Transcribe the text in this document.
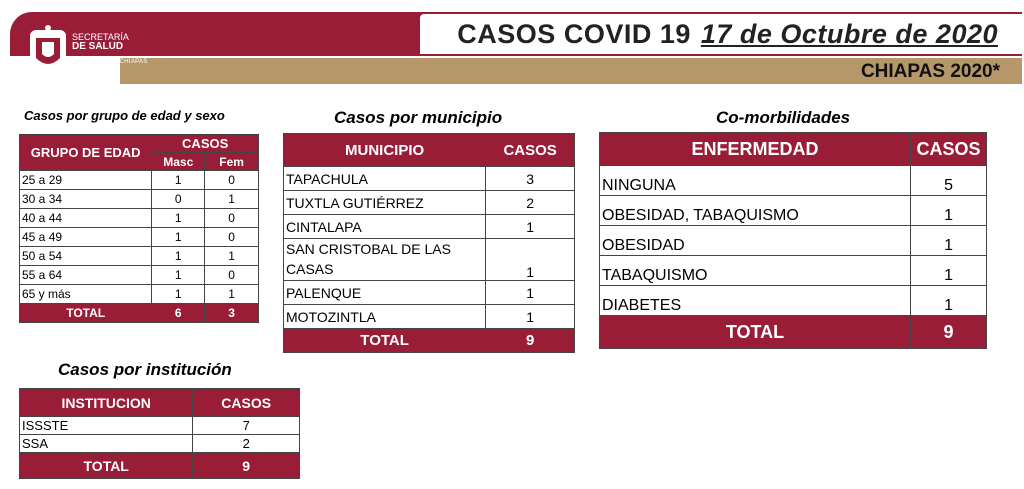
SECRETARÍA
DE SALUD
GOBIERNO DE CHIAPAS
CASOS COVID 19 17 de Octubre de 2020
CHIAPAS 2020*
Casos por grupo de edad y sexo	Casos por municipio	Co-morbilidades
Casos por institución
GRUPO DE EDAD	CASOS	
	Masc	Fem
25 a 29	1	0
30 a 34	0	1
40 a 44	1	0
45 a 49	1	0
50 a 54	1	1
55 a 64	1	0
65 y más	1	1
TOTAL	6	3
MUNICIPIO	CASOS
TAPACHULA	3
TUXTLA GUTIÉRREZ	2
CINTALAPA	1
SAN CRISTOBAL DE LAS CASAS	1
PALENQUE	1
MOTOZINTLA	1
TOTAL	9
ENFERMEDAD	CASOS
NINGUNA	5
OBESIDAD, TABAQUISMO	1
OBESIDAD	1
TABAQUISMO	1
DIABETES	1
TOTAL	9
INSTITUCION	CASOS
ISSSTE	7
SSA	2
TOTAL	9
